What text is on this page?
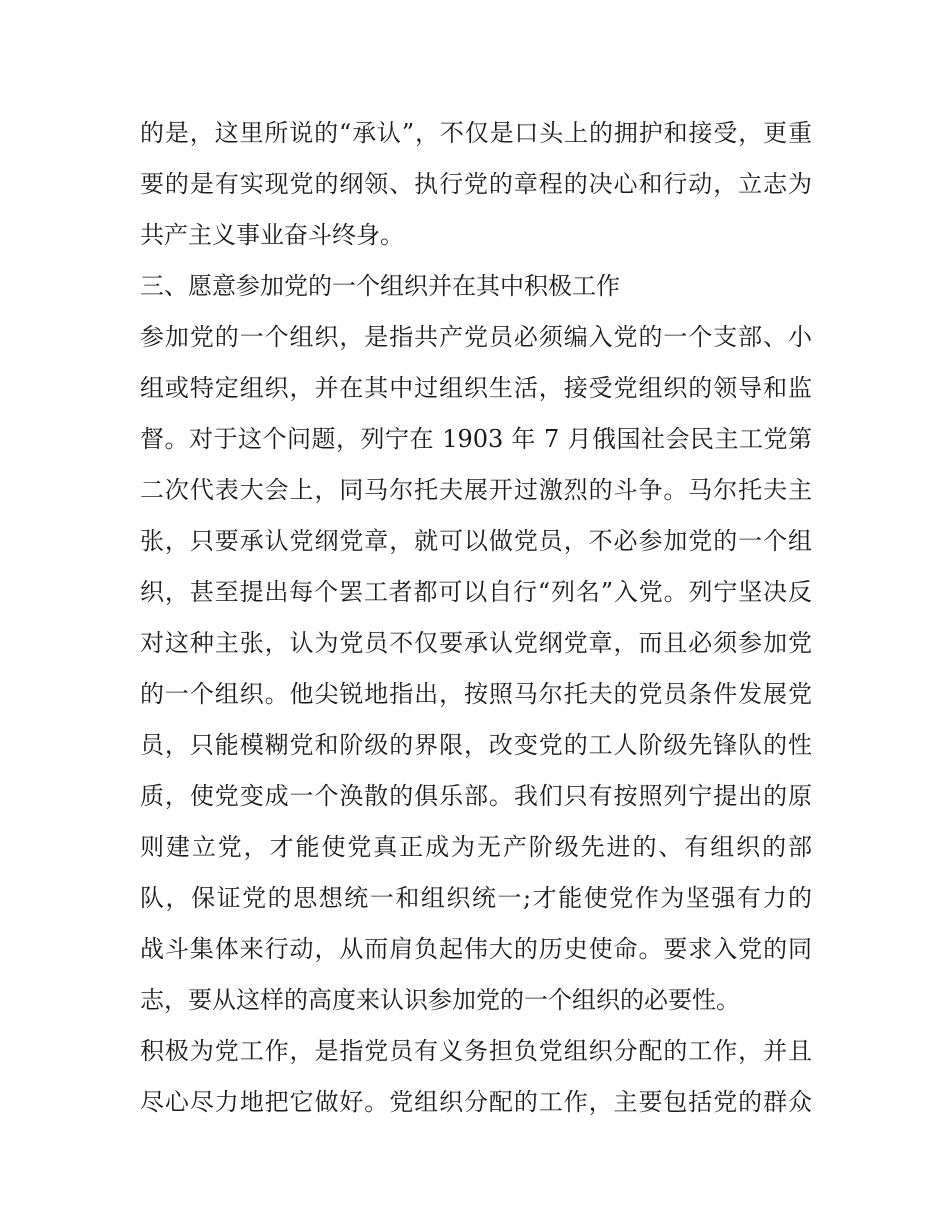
的是，这里所说的“承认”，不仅是口头上的拥护和接受，更重
要的是有实现党的纲领、执行党的章程的决心和行动，立志为
共产主义事业奋斗终身。
三、愿意参加党的一个组织并在其中积极工作
参加党的一个组织，是指共产党员必须编入党的一个支部、小
组或特定组织，并在其中过组织生活，接受党组织的领导和监
督。对于这个问题，列宁在 1903 年 7 月俄国社会民主工党第
二次代表大会上，同马尔托夫展开过激烈的斗争。马尔托夫主
张，只要承认党纲党章，就可以做党员，不必参加党的一个组
织，甚至提出每个罢工者都可以自行“列名”入党。列宁坚决反
对这种主张，认为党员不仅要承认党纲党章，而且必须参加党
的一个组织。他尖锐地指出，按照马尔托夫的党员条件发展党
员，只能模糊党和阶级的界限，改变党的工人阶级先锋队的性
质，使党变成一个涣散的俱乐部。我们只有按照列宁提出的原
则建立党，才能使党真正成为无产阶级先进的、有组织的部
队，保证党的思想统一和组织统一;才能使党作为坚强有力的
战斗集体来行动，从而肩负起伟大的历史使命。要求入党的同
志，要从这样的高度来认识参加党的一个组织的必要性。
积极为党工作，是指党员有义务担负党组织分配的工作，并且
尽心尽力地把它做好。党组织分配的工作，主要包括党的群众
